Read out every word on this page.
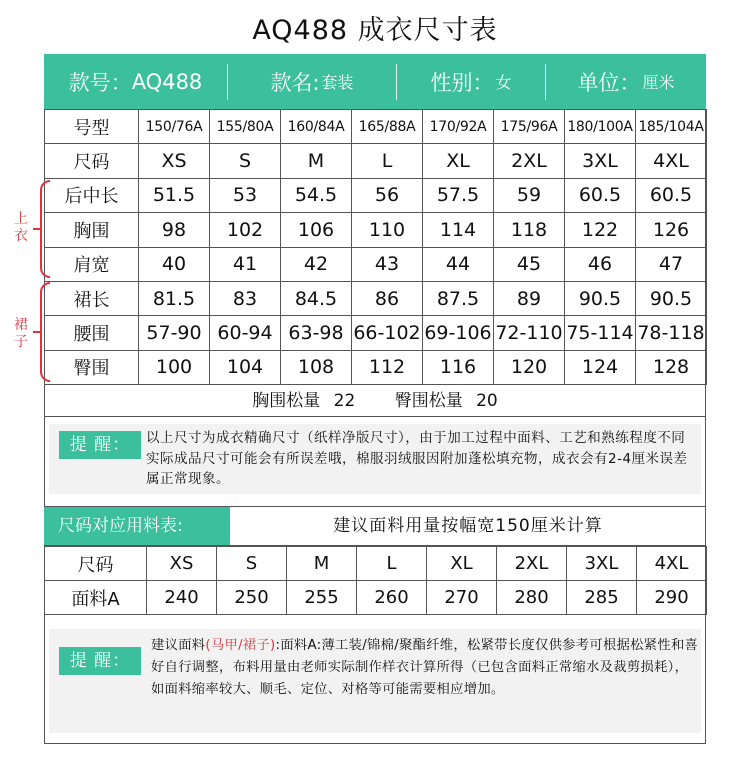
AQ488 成衣尺寸表
款号： AQ488	款名: 套装	性别： 女	单位： 厘米
号型	150/76A	155/80A	160/84A	165/88A	170/92A	175/96A	180/100A	185/104A
尺码	XS	S	M	L	XL	2XL	3XL	4XL
后中长	51.5	53	54.5	56	57.5	59	60.5	60.5
胸围	98	102	106	110	114	118	122	126
肩宽	40	41	42	43	44	45	46	47
裙长	81.5	83	84.5	86	87.5	89	90.5	90.5
腰围	57-90	60-94	63-98	66-102	69-106	72-110	75-114	78-118
臀围	100	104	108	112	116	120	124	128
上衣
裙子
胸围松量 22 臀围松量 20
提 醒：	以上尺寸为成衣精确尺寸（纸样净版尺寸），由于加工过程中面料、工艺和熟练程度不同实际成品尺寸可能会有所误差哦，棉服羽绒服因附加蓬松填充物，成衣会有2-4厘米误差属正常现象。
尺码对应用料表:	建议面料用量按幅宽150厘米计算
尺码	XS	S	M	L	XL	2XL	3XL	4XL
面料A	240	250	255	260	270	280	285	290
提 醒：
建议面料(马甲/裙子):面料A:薄工装/锦棉/聚酯纤维，松紧带长度仅供参考可根据松紧性和喜好自行调整，布料用量由老师实际制作样衣计算所得（已包含面料正常缩水及裁剪损耗），如面料缩率较大、顺毛、定位、对格等可能需要相应增加。
